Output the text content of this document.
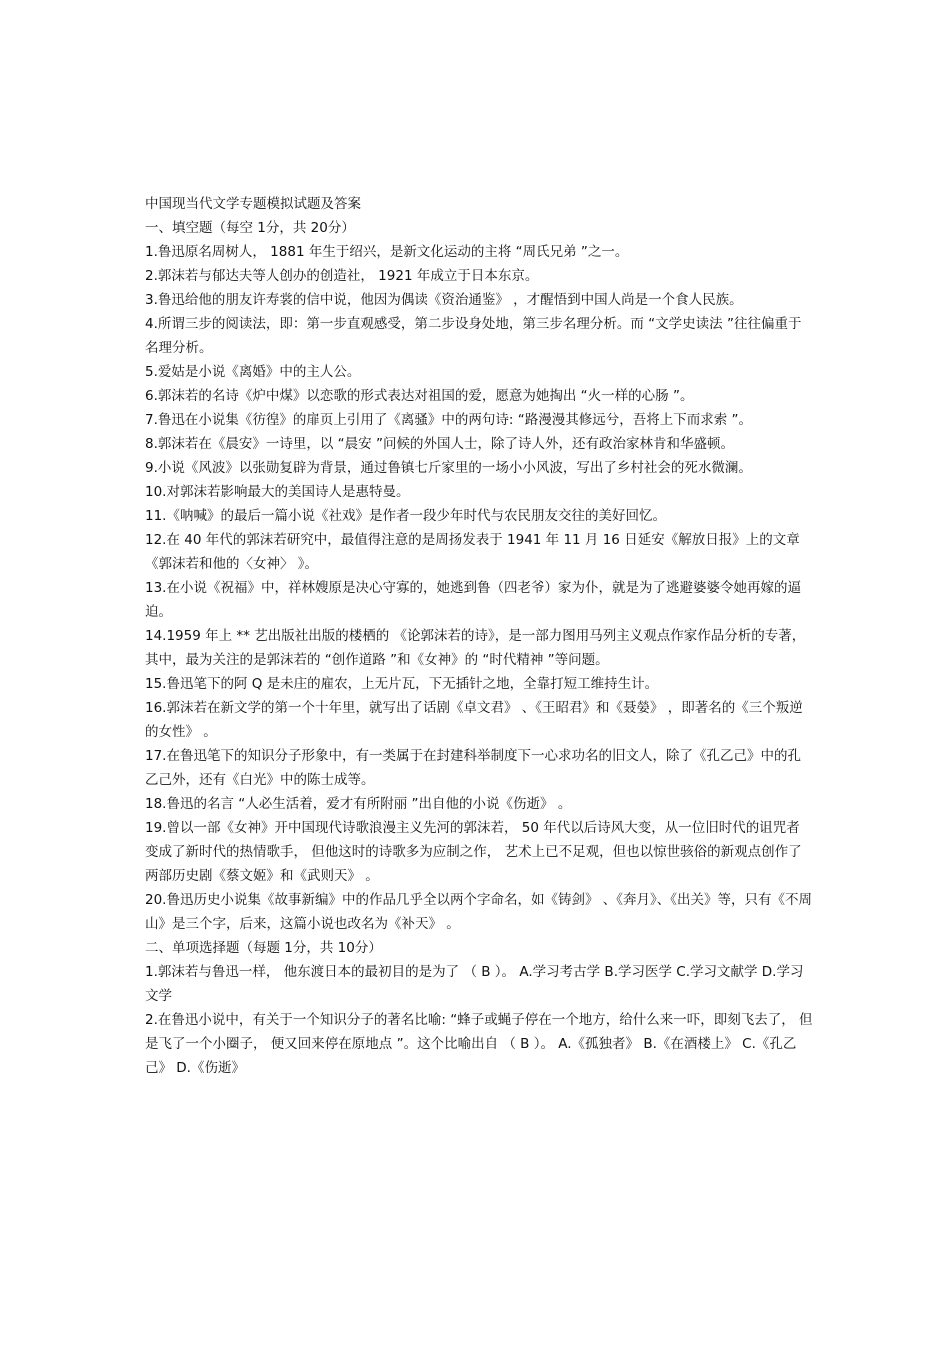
中国现当代文学专题模拟试题及答案
一、填空题（每空 1分，共 20分）

1.鲁迅原名周树人， 1881 年生于绍兴，是新文化运动的主将 “周氏兄弟 ”之一。

2.郭沫若与郁达夫等人创办的创造社， 1921 年成立于日本东京。

3.鲁迅给他的朋友许寿裳的信中说，他因为偶读《资治通鉴》 ，才醒悟到中国人尚是一个食人民族。

4.所谓三步的阅读法，即：第一步直观感受，第二步设身处地，第三步名理分析。而 “文学史读法 ”往往偏重于名理分析。

5.爱姑是小说《离婚》中的主人公。

6.郭沫若的名诗《炉中煤》以恋歌的形式表达对祖国的爱，愿意为她掏出 “火一样的心肠 ”。

7.鲁迅在小说集《彷徨》的扉页上引用了《离骚》中的两句诗: “路漫漫其修远兮，吾将上下而求索 ”。

8.郭沫若在《晨安》一诗里，以 “晨安 ”问候的外国人士，除了诗人外，还有政治家林肯和华盛顿。

9.小说《风波》以张勋复辟为背景，通过鲁镇七斤家里的一场小小风波，写出了乡村社会的死水微澜。

10.对郭沫若影响最大的美国诗人是惠特曼。

11.《呐喊》的最后一篇小说《社戏》是作者一段少年时代与农民朋友交往的美好回忆。

12.在 40 年代的郭沫若研究中，最值得注意的是周扬发表于 1941 年 11 月 16 日延安《解放日报》上的文章《郭沫若和他的〈女神〉 》。

13.在小说《祝福》中，祥林嫂原是决心守寡的，她逃到鲁（四老爷）家为仆，就是为了逃避婆婆令她再嫁的逼迫。

14.1959 年上 ** 艺出版社出版的楼栖的 《论郭沫若的诗》，是一部力图用马列主义观点作家作品分析的专著，其中，最为关注的是郭沫若的 “创作道路 ”和《女神》的 “时代精神 ”等问题。

15.鲁迅笔下的阿 Q 是未庄的雇农，上无片瓦，下无插针之地，全靠打短工维持生计。

16.郭沫若在新文学的第一个十年里，就写出了话剧《卓文君》 、《王昭君》和《聂嫈》 ，即著名的《三个叛逆的女性》 。

17.在鲁迅笔下的知识分子形象中，有一类属于在封建科举制度下一心求功名的旧文人，除了《孔乙己》中的孔乙己外，还有《白光》中的陈士成等。

18.鲁迅的名言 “人必生活着，爱才有所附丽 ”出自他的小说《伤逝》 。

19.曾以一部《女神》开中国现代诗歌浪漫主义先河的郭沫若， 50 年代以后诗风大变，从一位旧时代的诅咒者变成了新时代的热情歌手， 但他这时的诗歌多为应制之作， 艺术上已不足观，但也以惊世骇俗的新观点创作了两部历史剧《蔡文姬》和《武则天》 。

20.鲁迅历史小说集《故事新编》中的作品几乎全以两个字命名，如《铸剑》 、《奔月》、《出关》等，只有《不周山》是三个字，后来，这篇小说也改名为《补天》 。

二、单项选择题（每题 1分，共 10分）

1.郭沫若与鲁迅一样， 他东渡日本的最初目的是为了 （ B ）。 A.学习考古学 B.学习医学 C.学习文献学 D.学习文学

2.在鲁迅小说中，有关于一个知识分子的著名比喻: “蜂子或蝇子停在一个地方，给什么来一吓，即刻飞去了， 但是飞了一个小圈子， 便又回来停在原地点 ”。这个比喻出自 （ B ）。 A.《孤独者》 B.《在酒楼上》 C.《孔乙己》 D.《伤逝》
